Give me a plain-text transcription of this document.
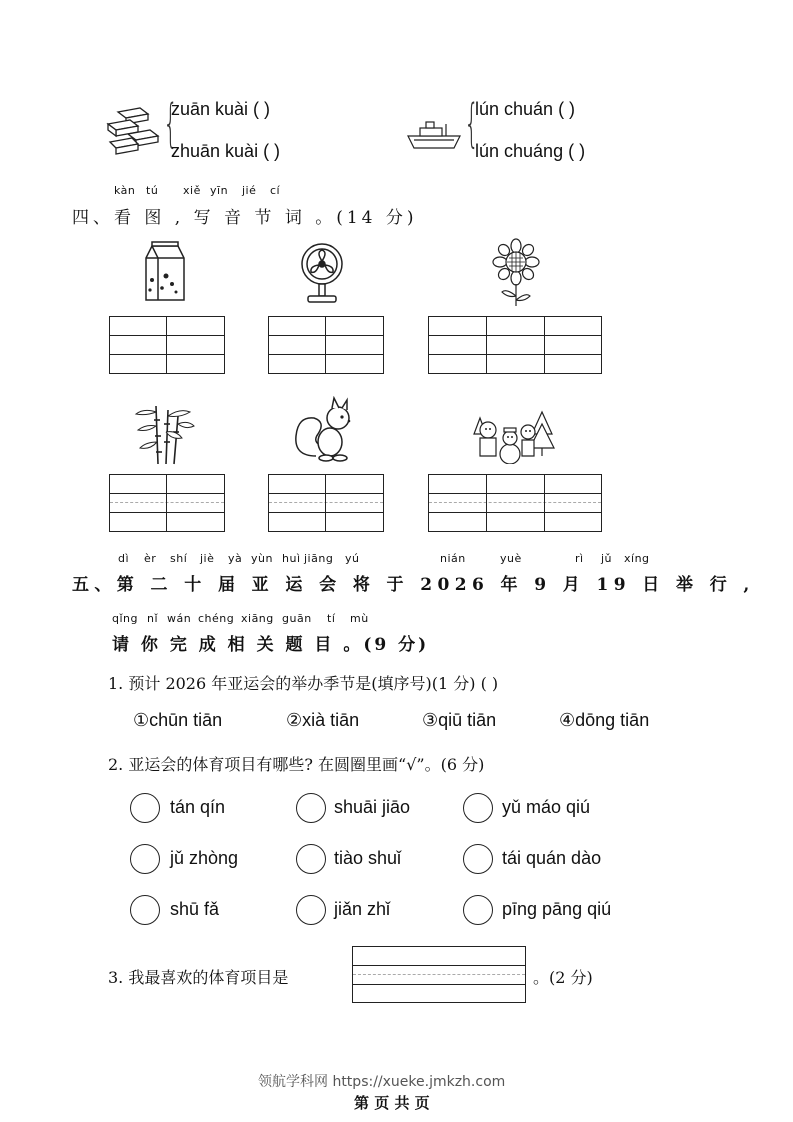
{
zuān kuài ( )
zhuān kuài ( )	{
lún chuán ( )
lún chuáng ( )
kàn tú xiě yīn jié cí
四、看 图 , 写 音 节 词 。(14 分)
dì èr shí jiè yà yùn huì jiāng yú	nián	yuè	rì jǔ xíng
五、第 二 十 届 亚 运 会 将 于 2026 年 9 月 19 日 举 行 ,
qǐng nǐ wán chéng xiāng guān tí mù
请 你 完 成 相 关 题 目 。(9 分)
1. 预计 2026 年亚运会的举办季节是(填序号)(1 分) ( )
①chūn tiān	②xià tiān	③qiū tiān	④dōng tiān
2. 亚运会的体育项目有哪些? 在圆圈里画“√”。(6 分)
tán qín	shuāi jiāo	yǔ máo qiú
jǔ zhòng	tiào shuǐ	tái quán dào
shū fǎ	jiǎn zhǐ	pīng pāng qiú
3. 我最喜欢的体育项目是	。(2 分)
领航学科网 https://xueke.jmkzh.com
第 页 共 页
